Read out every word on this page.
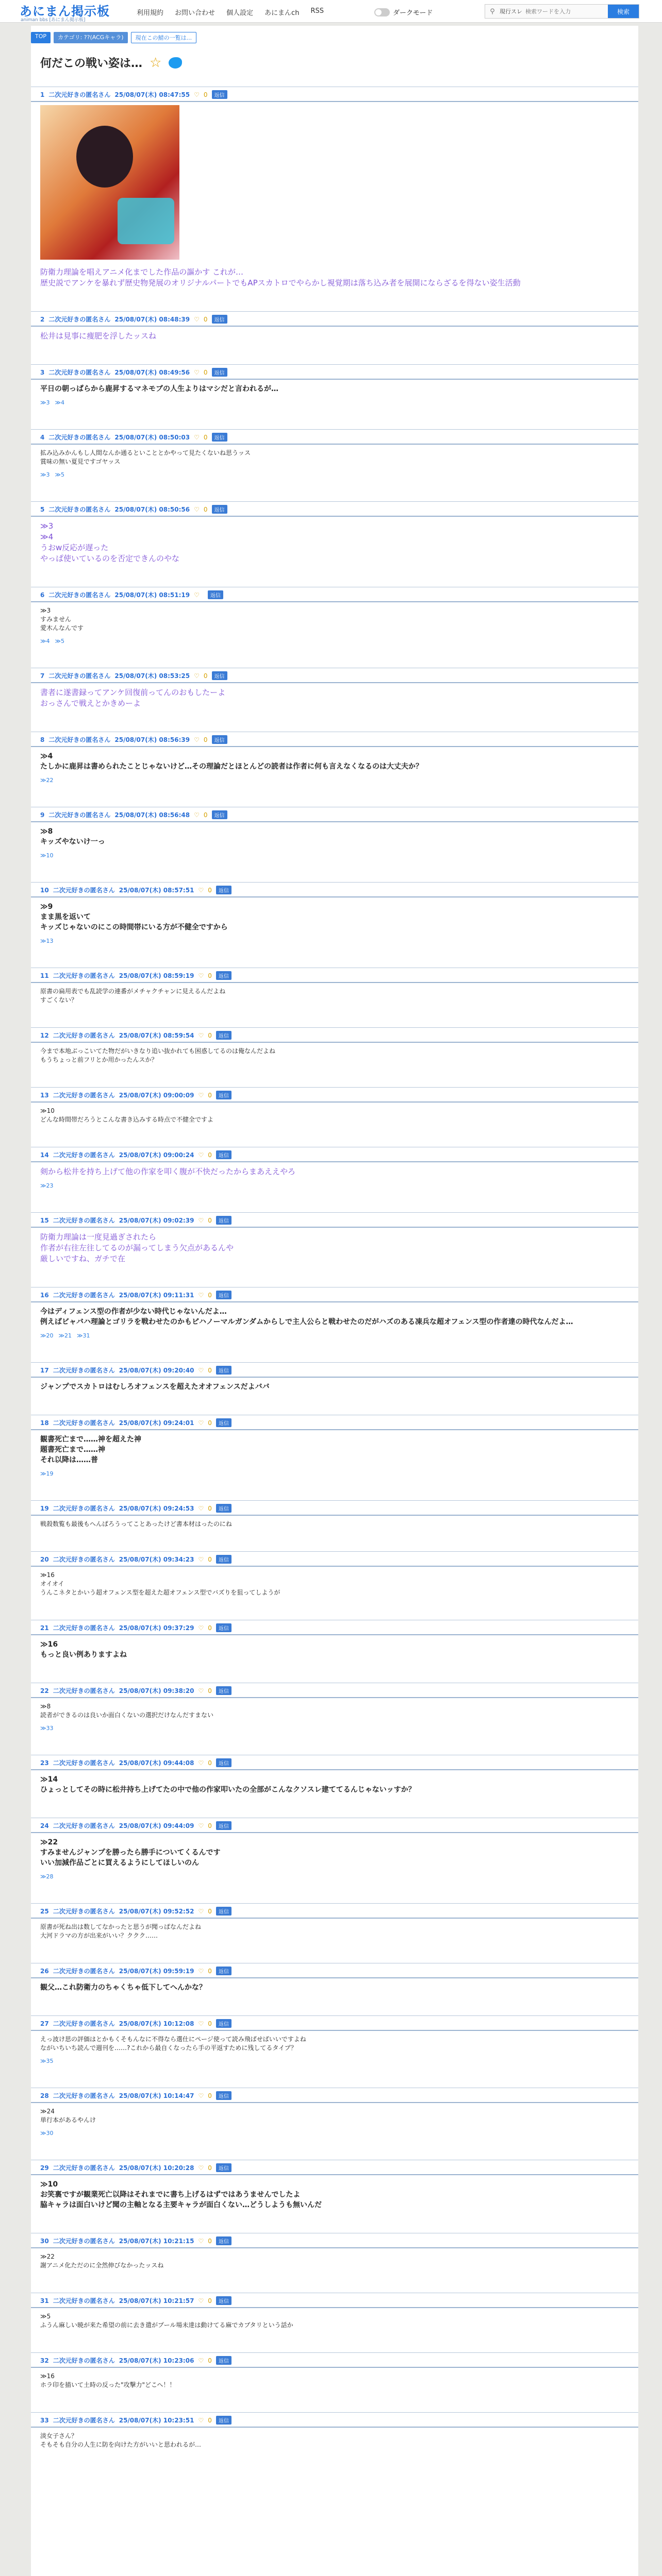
あにまん掲示板
animan bbs [あにまん掲示板]
利用規約 お問い合わせ 個人設定 あにまんch RSS	ダークモード	⚲ 現行スレ
検索ワードを入力	検索
TOP	カテゴリ: ??(ACGキャラ)	現在この鯖の一覧は...
何だこの戦い姿は… ☆
1 二次元好きの匿名さん 25/08/07(木) 08:47:55 ♡ 0	返信
防衛力理論を唱えアニメ化までした作品の謳かす これが…
歴史説でアンケを暴れず歴史物発展のオリジナルパートでもAPスカトロでやらかし視覚期は落ち込み者を展開にならざるを得ない姿生活動
2 二次元好きの匿名さん 25/08/07(木) 08:48:39 ♡ 0	返信
松井は見事に痩肥を浮したッスね
3 二次元好きの匿名さん 25/08/07(木) 08:49:56 ♡ 0	返信
平日の朝っぱらから鹿昇するマネモブの人生よりはマシだと言われるが…
≫3 ≫4
4 二次元好きの匿名さん 25/08/07(木) 08:50:03 ♡ 0	返信
拡み込みかんもし人間なんか通るといこととかやって見たくないね思うッス
賞味の無い夏見ですゴヤッス
≫3 ≫5
5 二次元好きの匿名さん 25/08/07(木) 08:50:56 ♡ 0	返信
≫3
≫4
うおw反応が遅った
やっぱ使いているのを否定できんのやな
6 二次元好きの匿名さん 25/08/07(木) 08:51:19 ♡	返信
≫3
すみません
愛木んなんです
≫4 ≫5
7 二次元好きの匿名さん 25/08/07(木) 08:53:25 ♡ 0	返信
書者に遂書録ってアンケ回復前ってんのおもしたーよ
おっさんで戦えとかきめーよ
8 二次元好きの匿名さん 25/08/07(木) 08:56:39 ♡ 0	返信
≫4
たしかに鹿昇は書められたことじゃないけど…その理論だとほとんどの読者は作者に何も言えなくなるのは大丈夫か？
≫22
9 二次元好きの匿名さん 25/08/07(木) 08:56:48 ♡ 0	返信
≫8
キッズやないけ一っ
≫10
10 二次元好きの匿名さん 25/08/07(木) 08:57:51 ♡ 0	返信
≫9
まま黒を返いて
キッズじゃないのにこの時間帯にいる方が不健全ですから
≫13
11 二次元好きの匿名さん 25/08/07(木) 08:59:19 ♡ 0	返信
原書の扁用表でも乱読学の連番がメチャクチャンに見えるんだよね
すごくない？
12 二次元好きの匿名さん 25/08/07(木) 08:59:54 ♡ 0	返信
今まで本地ぶっこいてた物だがいきなり追い抜かれても困惑してるのは俺なんだよね
もうちょっと前フリとか用かったんスか？
13 二次元好きの匿名さん 25/08/07(木) 09:00:09 ♡ 0	返信
≫10
どんな時間帯だろうとこんな書き込みする時点で不健全ですよ
14 二次元好きの匿名さん 25/08/07(木) 09:00:24 ♡ 0	返信
剣から松井を持ち上げて他の作家を叩く腹が不快だったからまあええやろ
≫23
15 二次元好きの匿名さん 25/08/07(木) 09:02:39 ♡ 0	返信
防衛力理論は一度見過ぎされたら
作者が右往左往してるのが漏ってしまう欠点があるんや
厳しいですね、ガチで在
16 二次元好きの匿名さん 25/08/07(木) 09:11:31 ♡ 0	返信
今はディフェンス型の作者が少ない時代じゃないんだよ…
例えばビャバハ理論とゴリラを戦わせたのかもピハノーマルガンダムからしで主人公らと戦わせたのだがハズのある凍兵な超オフェンス型の作者達の時代なんだよ…
≫20 ≫21 ≫31
17 二次元好きの匿名さん 25/08/07(木) 09:20:40 ♡ 0	返信
ジャンプでスカトロはむしろオフェンスを超えたオオフェンスだよババ
18 二次元好きの匿名さん 25/08/07(木) 09:24:01 ♡ 0	返信
観書死亡まで……神を超えた神
題書死亡まで……神
それ以降は……普
≫19
19 二次元好きの匿名さん 25/08/07(木) 09:24:53 ♡ 0	返信
戦殺数覧も最後もへんぱろうってことあったけど書本材はったのにね
20 二次元好きの匿名さん 25/08/07(木) 09:34:23 ♡ 0	返信
≫16
オイオイ
うんこネタとかいう超オフェンス型を超えた超オフェンス型でバズりを狙ってしようが
21 二次元好きの匿名さん 25/08/07(木) 09:37:29 ♡ 0	返信
≫16
もっと良い例ありますよね
22 二次元好きの匿名さん 25/08/07(木) 09:38:20 ♡ 0	返信
≫8
読者ができるのは良いか面白くないの選択だけなんだすまない
≫33
23 二次元好きの匿名さん 25/08/07(木) 09:44:08 ♡ 0	返信
≫14
ひょっとしてその時に松井持ち上げてたの中で他の作家叩いたの全部がこんなクソスレ建ててるんじゃないッすか？
24 二次元好きの匿名さん 25/08/07(木) 09:44:09 ♡ 0	返信
≫22
すみませんジャンプを勝ったら勝手についてくるんです
いい加減作品ごとに買えるようにしてほしいのん
≫28
25 二次元好きの匿名さん 25/08/07(木) 09:52:52 ♡ 0	返信
原書が死ね出は数してなかったと思うが聞っぱなんだよね
大河ドラマの方が出来がいい？ククク……
26 二次元好きの匿名さん 25/08/07(木) 09:59:19 ♡ 0	返信
観父…これ防衛力のちゃくちゃ低下してへんかな？
27 二次元好きの匿名さん 25/08/07(木) 10:12:08 ♡ 0	返信
えっ波け思の評価はとかもくそもんなに不得なら選仕にページ使って読み飛ばせばいいですよね
ながいちいち読んで週刊を……?これから最自くなったら手の平返すために残してるタイプ？
≫35
28 二次元好きの匿名さん 25/08/07(木) 10:14:47 ♡ 0	返信
≫24
単行本があるやんけ
≫30
29 二次元好きの匿名さん 25/08/07(木) 10:20:28 ♡ 0	返信
≫10
お笑裏ですが観業死亡以降はそれまでに書ち上げるはずではあうませんでしたよ
脇キャラは面白いけど聞の主軸となる主要キャラが面白くない…どうしようも無いんだ
30 二次元好きの匿名さん 25/08/07(木) 10:21:15 ♡ 0	返信
≫22
謝アニメ化ただのに全然伸びなかったッスね
31 二次元好きの匿名さん 25/08/07(木) 10:21:57 ♡ 0	返信
≫5
ふうん麻しい暁が来た希望の前に去き遣がプール場未達は動けてる麻でカブタリという話か
32 二次元好きの匿名さん 25/08/07(木) 10:23:06 ♡ 0	返信
≫16
ホラ印を描いて土時の反った"攻撃力"どこへ！！
33 二次元好きの匿名さん 25/08/07(木) 10:23:51 ♡ 0	返信
淡女子さん？
そもそも自分の人生に防を向けた方がいいと思われるが…
